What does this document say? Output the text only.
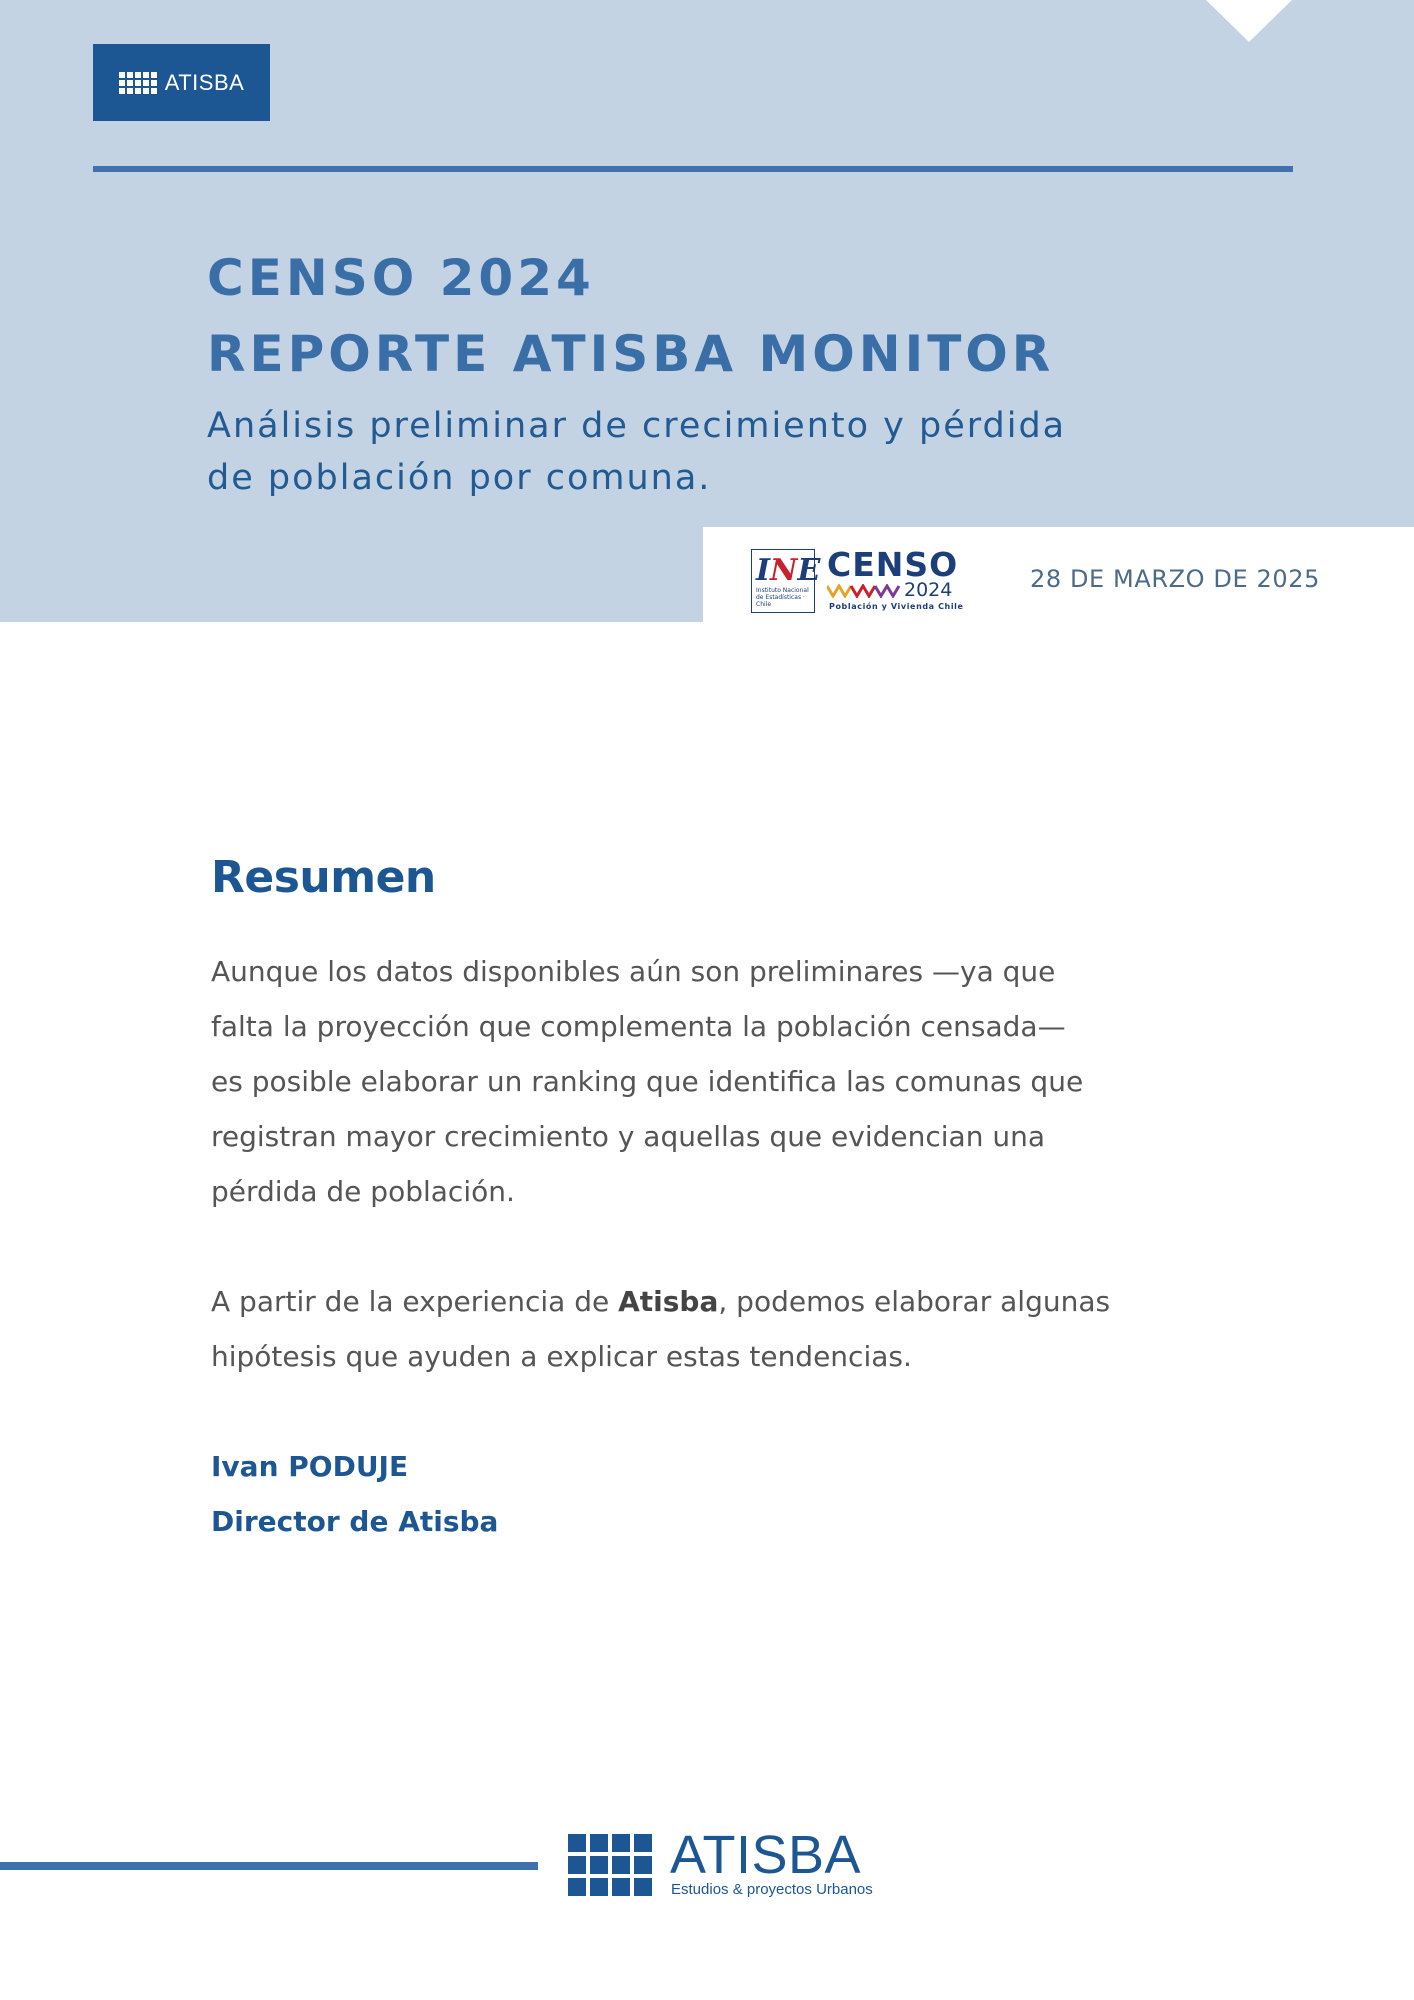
ATISBA
CENSO 2024
REPORTE ATISBA MONITOR
Análisis preliminar de crecimiento y pérdida
de población por comuna.
INE
Instituto Nacional de Estadísticas · Chile
CENSO
2024
Población y Vivienda Chile
28 DE MARZO DE 2025
Resumen
Aunque los datos disponibles aún son preliminares —ya que
falta la proyección que complementa la población censada—
es posible elaborar un ranking que identifica las comunas que
registran mayor crecimiento y aquellas que evidencian una
pérdida de población.
A partir de la experiencia de Atisba, podemos elaborar algunas
hipótesis que ayuden a explicar estas tendencias.
Ivan PODUJE
Director de Atisba
ATISBA
Estudios & proyectos Urbanos
